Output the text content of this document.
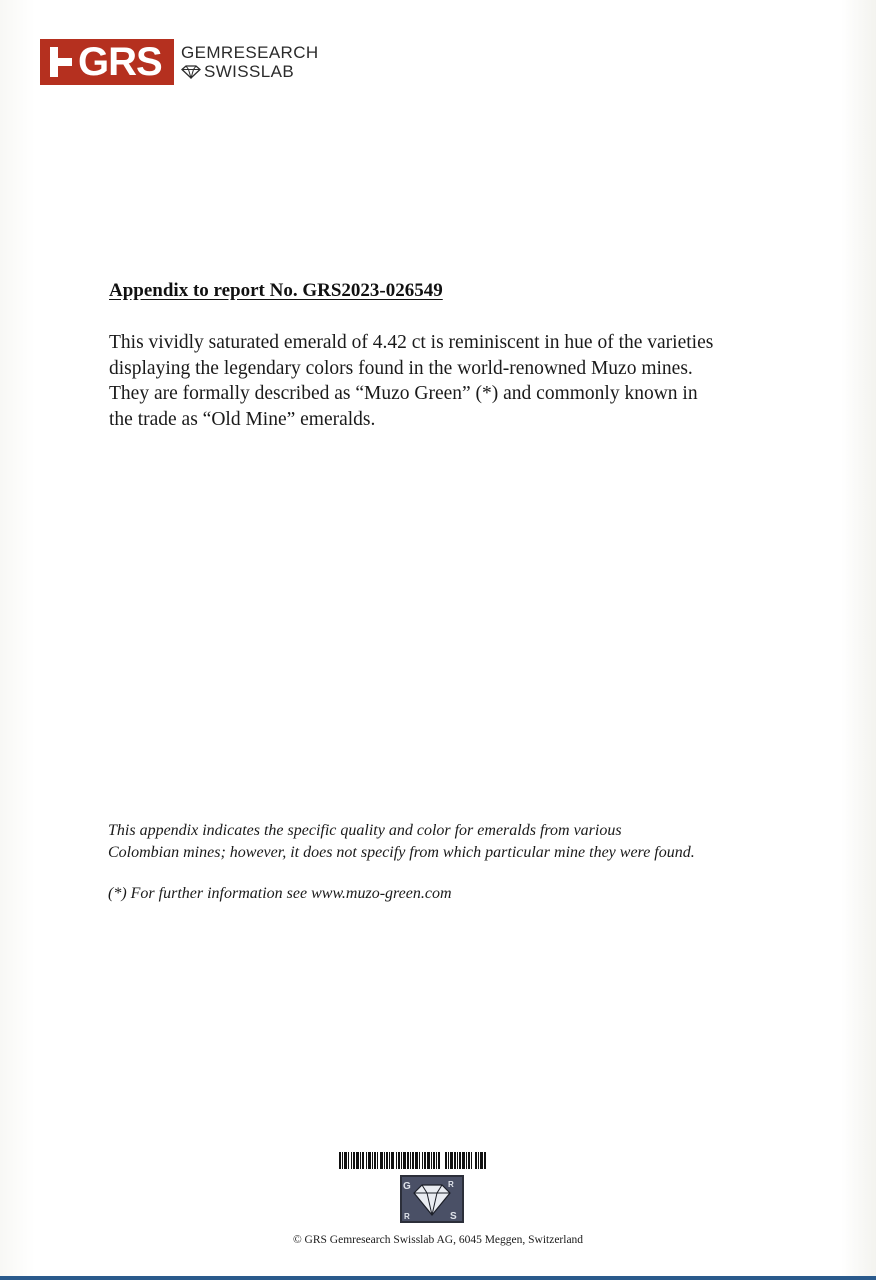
GRS GEMRESEARCH
SWISSLAB
Appendix to report No. GRS2023-026549
This vividly saturated emerald of 4.42 ct is reminiscent in hue of the varieties
displaying the legendary colors found in the world-renowned Muzo mines.
They are formally described as “Muzo Green” (*) and commonly known in
the trade as “Old Mine” emeralds.
This appendix indicates the specific quality and color for emeralds from various
Colombian mines; however, it does not specify from which particular mine they were found.
(*) For further information see www.muzo-green.com
G
S
R
R
© GRS Gemresearch Swisslab AG, 6045 Meggen, Switzerland
